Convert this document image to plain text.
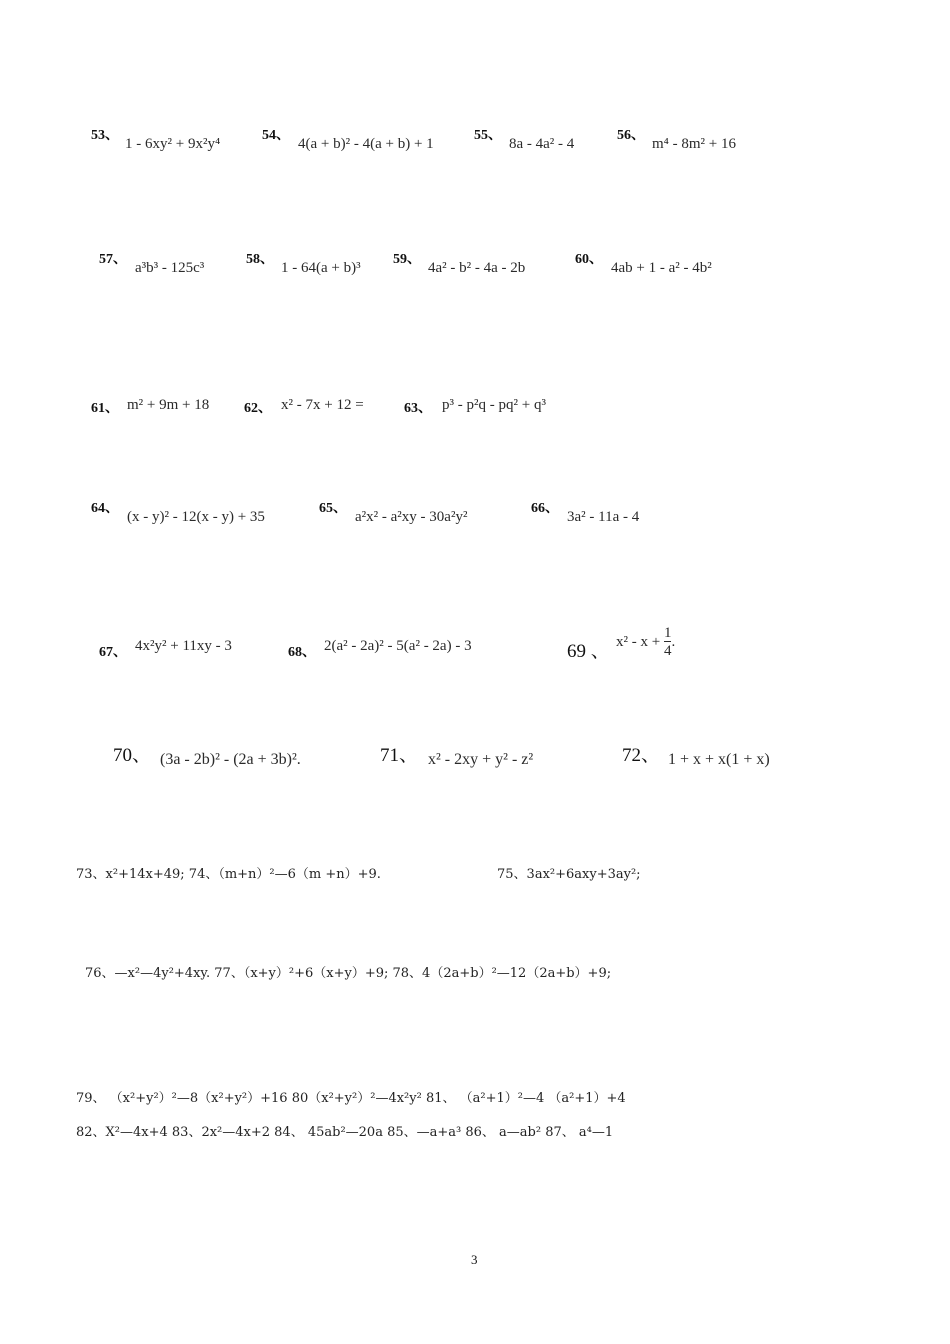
53、
1 - 6xy² + 9x²y⁴
54、
4(a + b)² - 4(a + b) + 1
55、
8a - 4a² - 4
56、
m⁴ - 8m² + 16
57、
a³b³ - 125c³
58、
1 - 64(a + b)³
59、
4a² - b² - 4a - 2b
60、
4ab + 1 - a² - 4b²
61、 m² + 9m + 18 62、 x² - 7x + 12 =	63、 p³ - p²q - pq² + q³
64、
(x - y)² - 12(x - y) + 35
65、
a²x² - a²xy - 30a²y²
66、
3a² - 11a - 4
67、 4x²y² + 11xy - 3	68、 2(a² - 2a)² - 5(a² - 2a) - 3	69 、 $x^2 - x + \frac{1}{4}$ .
70、 (3a - 2b)² - (2a + 3b)².	71、 x² - 2xy + y² - z²	72、 1 + x + x(1 + x)
73、x²+14x+49; 74、（m+n）²—6（m +n）+9.	75、3ax²+6axy+3ay²;
76、—x²—4y²+4xy. 77、（x+y）²+6（x+y）+9; 78、4（2a+b）²—12（2a+b）+9;
79、 （x²+y²）²—8（x²+y²）+16 80（x²+y²）²—4x²y² 81、 （a²+1）²—4 （a²+1）+4
82、X²—4x+4 83、2x²—4x+2 84、 45ab²—20a 85、—a+a³ 86、 a—ab² 87、 a⁴—1
3
